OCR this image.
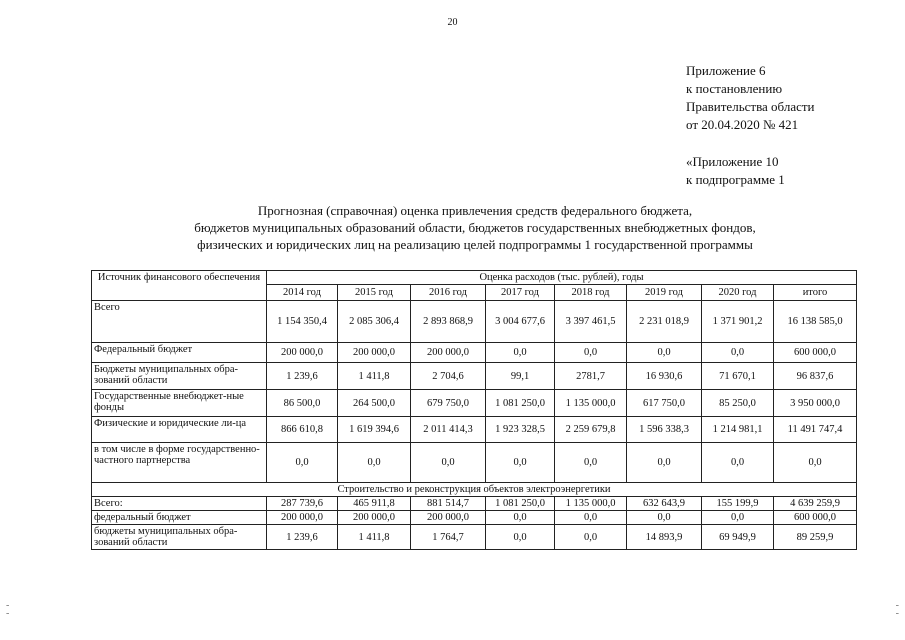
20
Приложение 6
к постановлению
Правительства области
от 20.04.2020 № 421
«Приложение 10
к подпрограмме 1
Прогнозная (справочная) оценка привлечения средств федерального бюджета,
бюджетов муниципальных образований области, бюджетов государственных внебюджетных фондов,
физических и юридических лиц на реализацию целей подпрограммы 1 государственной программы
Источник финансового обеспечения	Оценка расходов (тыс. рублей), годы							
	2014 год	2015 год	2016 год	2017 год	2018 год	2019 год	2020 год	итого
Всего	1 154 350,4	2 085 306,4	2 893 868,9	3 004 677,6	3 397 461,5	2 231 018,9	1 371 901,2	16 138 585,0
Федеральный бюджет	200 000,0	200 000,0	200 000,0	0,0	0,0	0,0	0,0	600 000,0
Бюджеты муниципальных обра-зований области	1 239,6	1 411,8	2 704,6	99,1	2781,7	16 930,6	71 670,1	96 837,6
Государственные внебюджет-ные фонды	86 500,0	264 500,0	679 750,0	1 081 250,0	1 135 000,0	617 750,0	85 250,0	3 950 000,0
Физические и юридические ли-ца	866 610,8	1 619 394,6	2 011 414,3	1 923 328,5	2 259 679,8	1 596 338,3	1 214 981,1	11 491 747,4
в том числе в форме государственно-частного партнерства	0,0	0,0	0,0	0,0	0,0	0,0	0,0	0,0
Строительство и реконструкция объектов электроэнергетики								
Всего:	287 739,6	465 911,8	881 514,7	1 081 250,0	1 135 000,0	632 643,9	155 199,9	4 639 259,9
федеральный бюджет	200 000,0	200 000,0	200 000,0	0,0	0,0	0,0	0,0	600 000,0
бюджеты муниципальных обра-зований области	1 239,6	1 411,8	1 764,7	0,0	0,0	14 893,9	69 949,9	89 259,9
-
-
-
-
